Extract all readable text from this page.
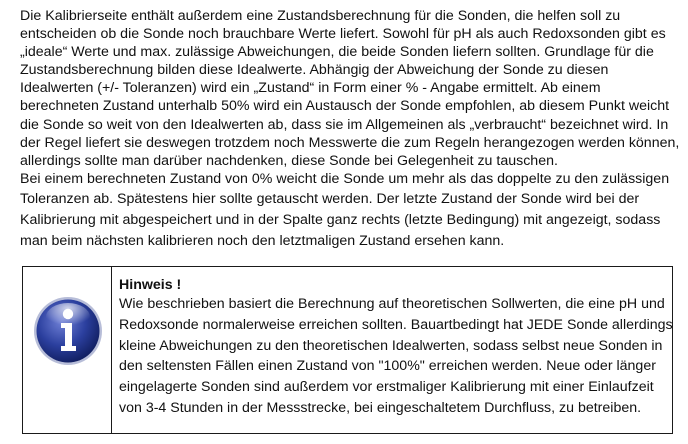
Die Kalibrierseite enthält außerdem eine Zustandsberechnung für die Sonden, die helfen soll zu
entscheiden ob die Sonde noch brauchbare Werte liefert. Sowohl für pH als auch Redoxsonden gibt es
„ideale“ Werte und max. zulässige Abweichungen, die beide Sonden liefern sollten. Grundlage für die
Zustandsberechnung bilden diese Idealwerte. Abhängig der Abweichung der Sonde zu diesen
Idealwerten (+/- Toleranzen) wird ein „Zustand“ in Form einer % - Angabe ermittelt. Ab einem
berechneten Zustand unterhalb 50% wird ein Austausch der Sonde empfohlen, ab diesem Punkt weicht
die Sonde so weit von den Idealwerten ab, dass sie im Allgemeinen als „verbraucht“ bezeichnet wird. In
der Regel liefert sie deswegen trotzdem noch Messwerte die zum Regeln herangezogen werden können,
allerdings sollte man darüber nachdenken, diese Sonde bei Gelegenheit zu tauschen.
Bei einem berechneten Zustand von 0% weicht die Sonde um mehr als das doppelte zu den zulässigen
Toleranzen ab. Spätestens hier sollte getauscht werden. Der letzte Zustand der Sonde wird bei der
Kalibrierung mit abgespeichert und in der Spalte ganz rechts (letzte Bedingung) mit angezeigt, sodass
man beim nächsten kalibrieren noch den letztmaligen Zustand ersehen kann.
Hinweis !
Wie beschrieben basiert die Berechnung auf theoretischen Sollwerten, die eine pH und
Redoxsonde normalerweise erreichen sollten. Bauartbedingt hat JEDE Sonde allerdings
kleine Abweichungen zu den theoretischen Idealwerten, sodass selbst neue Sonden in
den seltensten Fällen einen Zustand von "100%" erreichen werden. Neue oder länger
eingelagerte Sonden sind außerdem vor erstmaliger Kalibrierung mit einer Einlaufzeit
von 3-4 Stunden in der Messstrecke, bei eingeschaltetem Durchfluss, zu betreiben.
